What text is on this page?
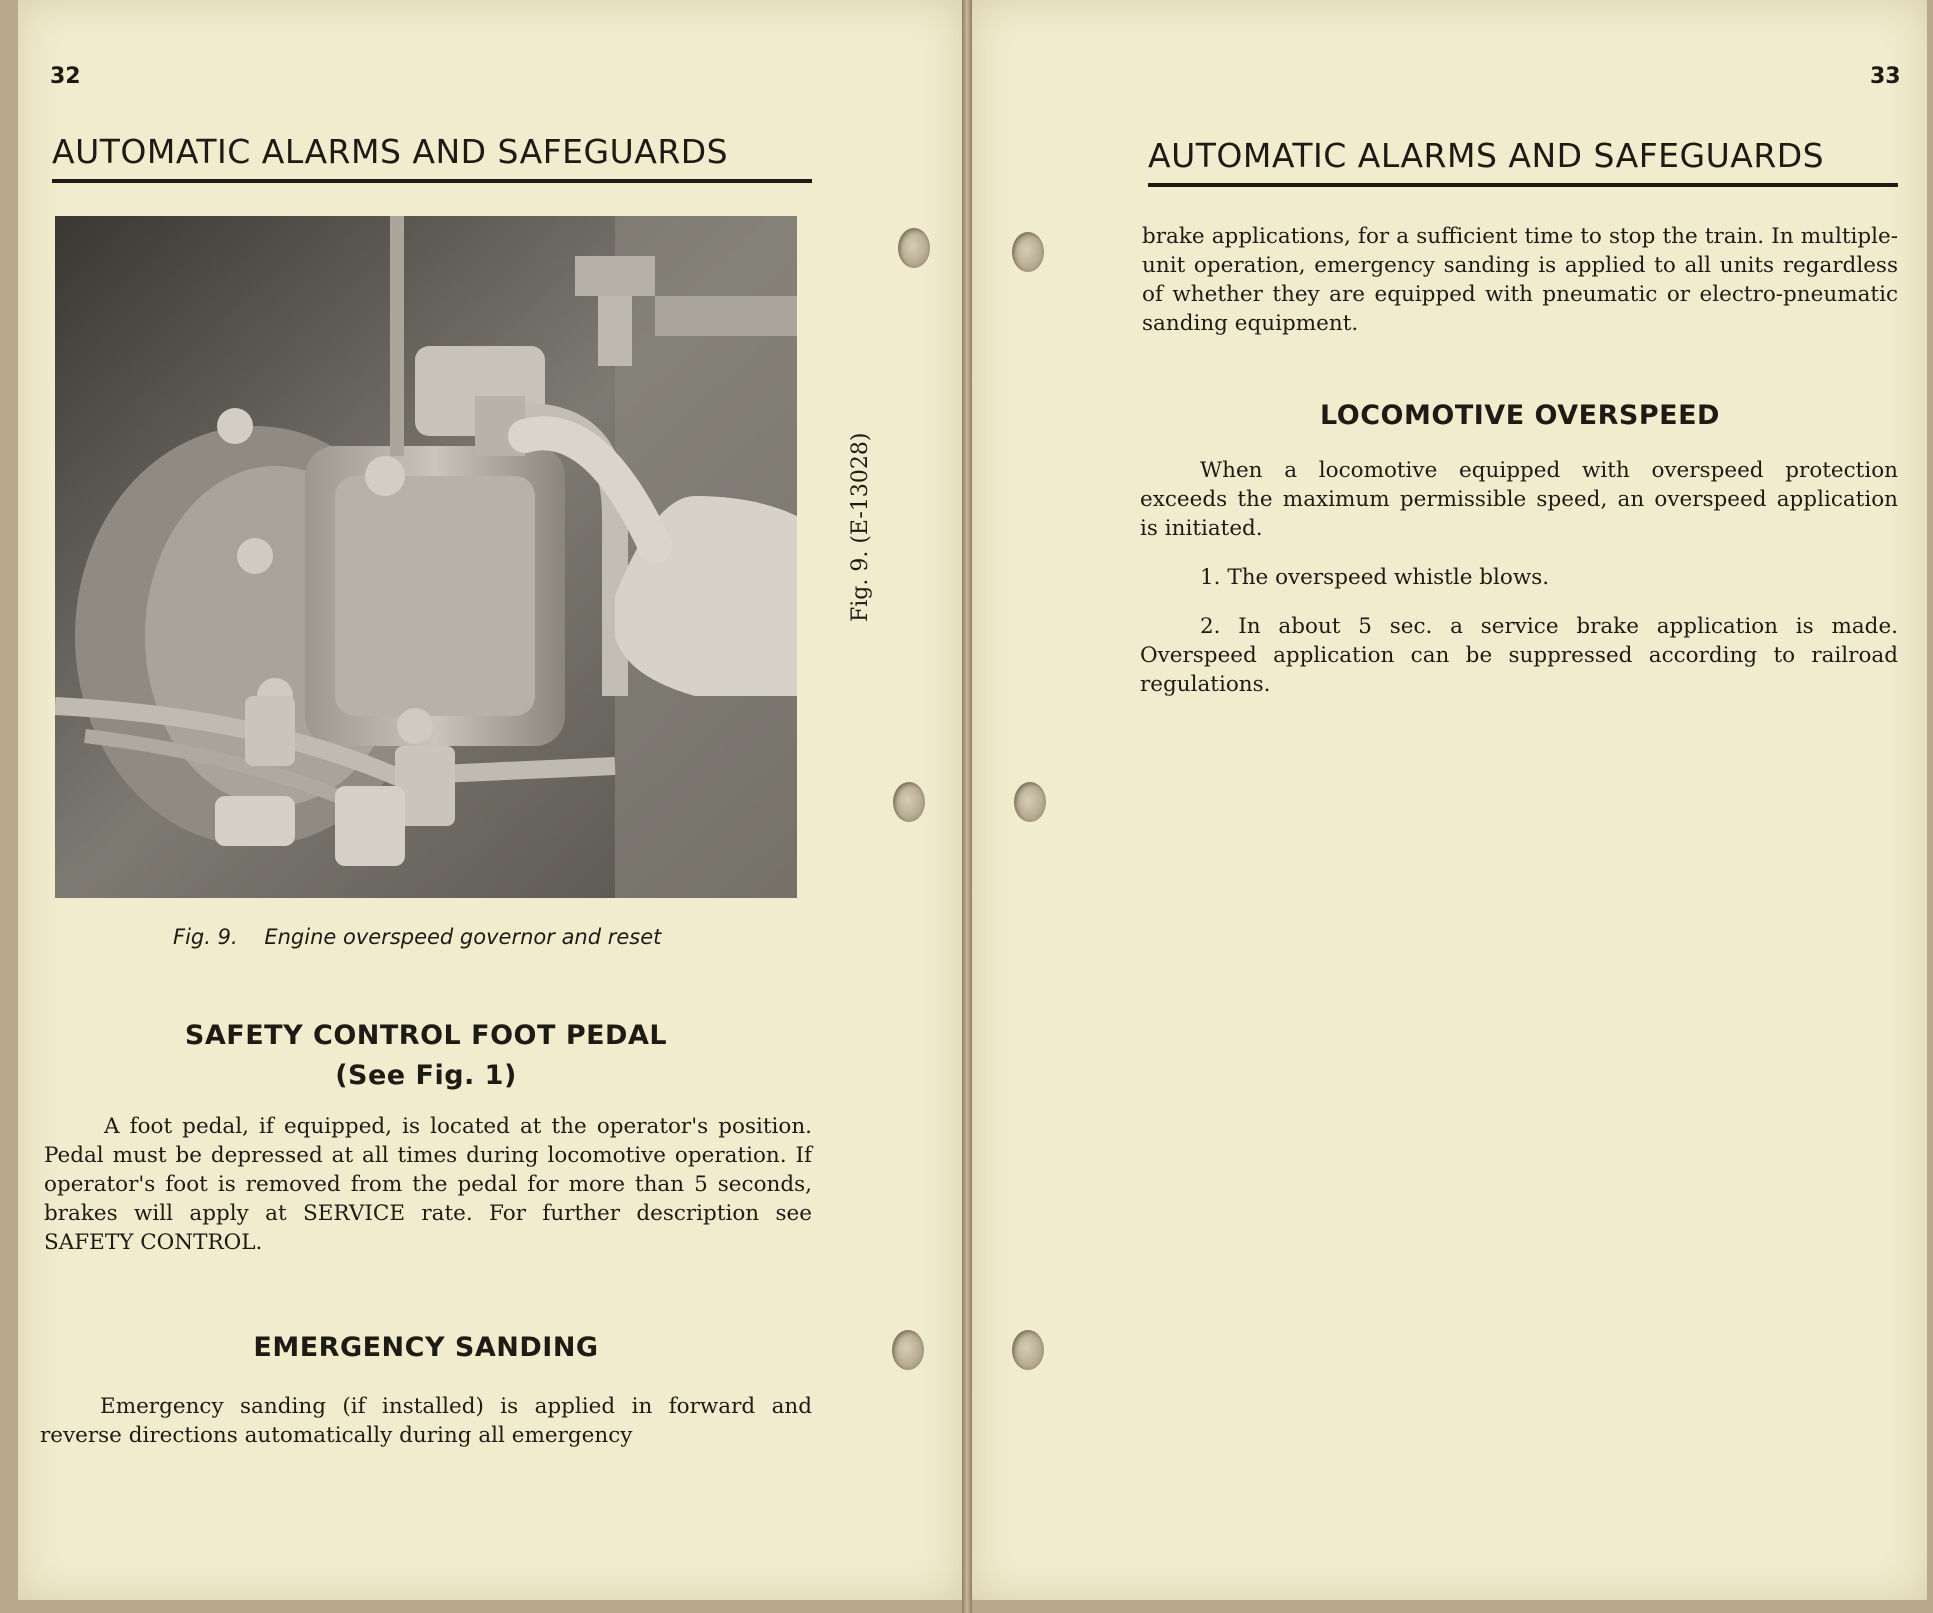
32
AUTOMATIC ALARMS AND SAFEGUARDS
Fig. 9. Engine overspeed governor and reset
Fig. 9. (E-13028)
SAFETY CONTROL FOOT PEDAL
(See Fig. 1)

A foot pedal, if equipped, is located at the operator's position. Pedal must be depressed at all times during locomotive operation. If operator's foot is removed from the pedal for more than 5 seconds, brakes will apply at SERVICE rate. For further description see SAFETY CONTROL.

EMERGENCY SANDING

Emergency sanding (if installed) is applied in forward and reverse directions automatically during all emergency

33
AUTOMATIC ALARMS AND SAFEGUARDS

brake applications, for a sufficient time to stop the train. In multiple-unit operation, emergency sanding is applied to all units regardless of whether they are equipped with pneumatic or electro-pneumatic sanding equipment.

LOCOMOTIVE OVERSPEED

When a locomotive equipped with overspeed protection exceeds the maximum permissible speed, an overspeed application is initiated.

1. The overspeed whistle blows.

2. In about 5 sec. a service brake application is made. Overspeed application can be suppressed according to railroad regulations.
